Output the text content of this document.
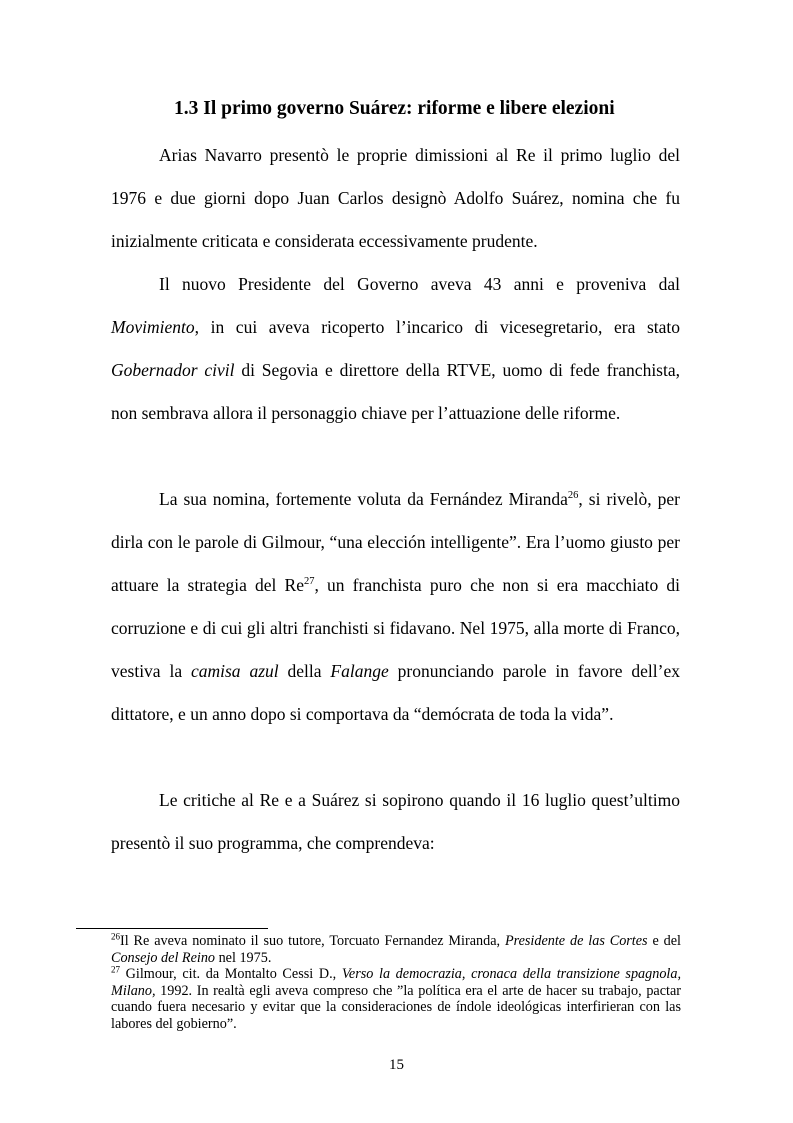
1.3 Il primo governo Suárez: riforme e libere elezioni

Arias Navarro presentò le proprie dimissioni al Re il primo luglio del 1976 e due giorni dopo Juan Carlos designò Adolfo Suárez, nomina che fu inizialmente criticata e considerata eccessivamente prudente.

Il nuovo Presidente del Governo aveva 43 anni e proveniva dal Movimiento, in cui aveva ricoperto l’incarico di vicesegretario, era stato Gobernador civil di Segovia e direttore della RTVE, uomo di fede franchista, non sembrava allora il personaggio chiave per l’attuazione delle riforme.

La sua nomina, fortemente voluta da Fernández Miranda$^{26}$, si rivelò, per dirla con le parole di Gilmour, “una elección intelligente”. Era l’uomo giusto per attuare la strategia del Re$^{27}$, un franchista puro che non si era macchiato di corruzione e di cui gli altri franchisti si fidavano. Nel 1975, alla morte di Franco, vestiva la camisa azul della Falange pronunciando parole in favore dell’ex dittatore, e un anno dopo si comportava da “demócrata de toda la vida”.

Le critiche al Re e a Suárez si sopirono quando il 16 luglio quest’ultimo presentò il suo programma, che comprendeva:

$^{26}$Il Re aveva nominato il suo tutore, Torcuato Fernandez Miranda, Presidente de las Cortes e del Consejo del Reino nel 1975.

$^{27}$ Gilmour, cit. da Montalto Cessi D., Verso la democrazia, cronaca della transizione spagnola, Milano, 1992. In realtà egli aveva compreso che ”la política era el arte de hacer su trabajo, pactar cuando fuera necesario y evitar que la consideraciones de índole ideológicas interfirieran con las labores del gobierno”.

15
